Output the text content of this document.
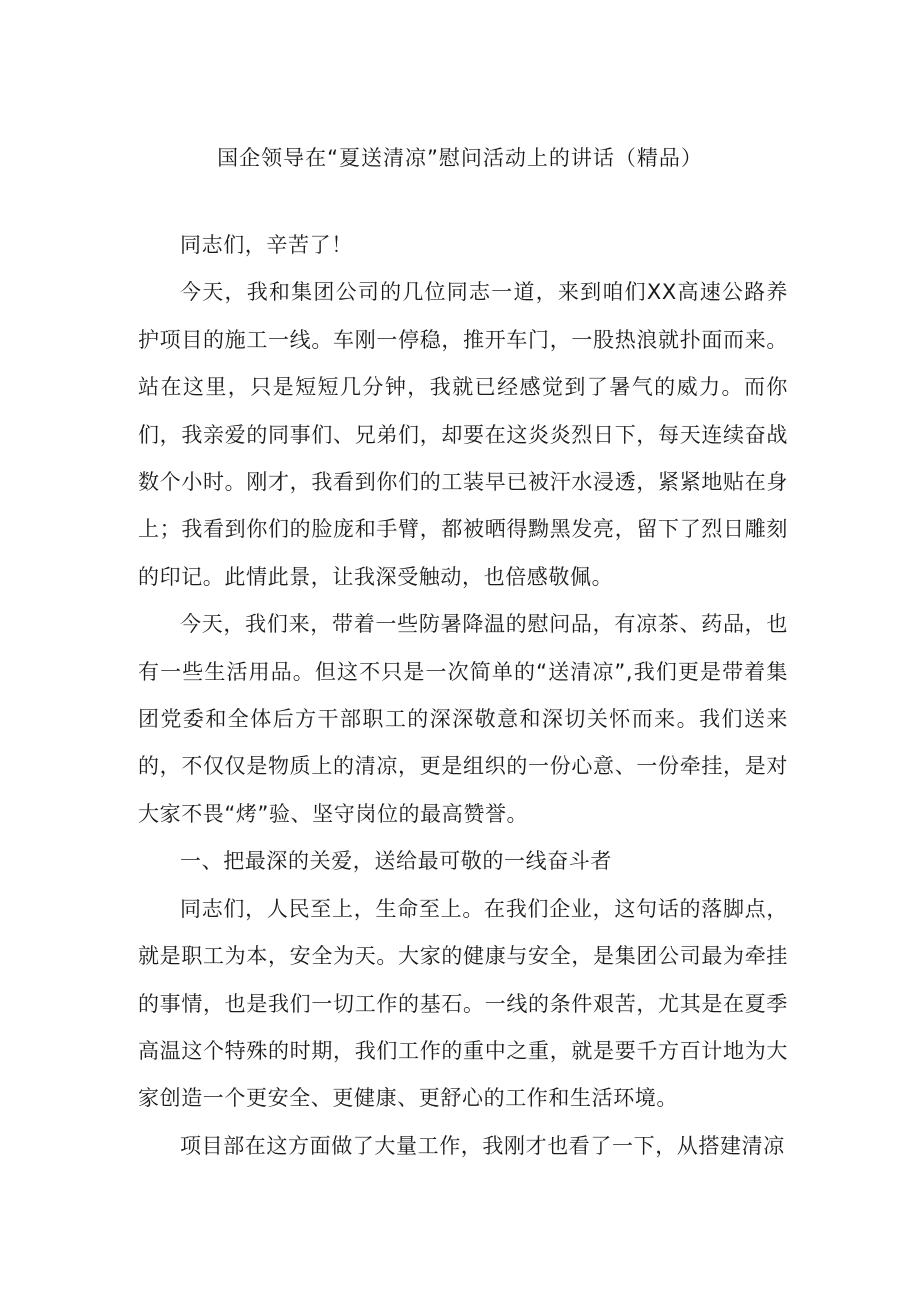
国企领导在“夏送清凉”慰问活动上的讲话（精品）

同志们，辛苦了！

今天，我和集团公司的几位同志一道，来到咱们XX高速公路养护项目的施工一线。车刚一停稳，推开车门，一股热浪就扑面而来。站在这里，只是短短几分钟，我就已经感觉到了暑气的威力。而你们，我亲爱的同事们、兄弟们，却要在这炎炎烈日下，每天连续奋战数个小时。刚才，我看到你们的工装早已被汗水浸透，紧紧地贴在身上；我看到你们的脸庞和手臂，都被晒得黝黑发亮，留下了烈日雕刻的印记。此情此景，让我深受触动，也倍感敬佩。

今天，我们来，带着一些防暑降温的慰问品，有凉茶、药品，也有一些生活用品。但这不只是一次简单的“送清凉”,我们更是带着集团党委和全体后方干部职工的深深敬意和深切关怀而来。我们送来的，不仅仅是物质上的清凉，更是组织的一份心意、一份牵挂，是对大家不畏“烤”验、坚守岗位的最高赞誉。

一、把最深的关爱，送给最可敬的一线奋斗者

同志们，人民至上，生命至上。在我们企业，这句话的落脚点，就是职工为本，安全为天。大家的健康与安全，是集团公司最为牵挂的事情，也是我们一切工作的基石。一线的条件艰苦，尤其是在夏季高温这个特殊的时期，我们工作的重中之重，就是要千方百计地为大家创造一个更安全、更健康、更舒心的工作和生活环境。

项目部在这方面做了大量工作，我刚才也看了一下，从搭建清凉
